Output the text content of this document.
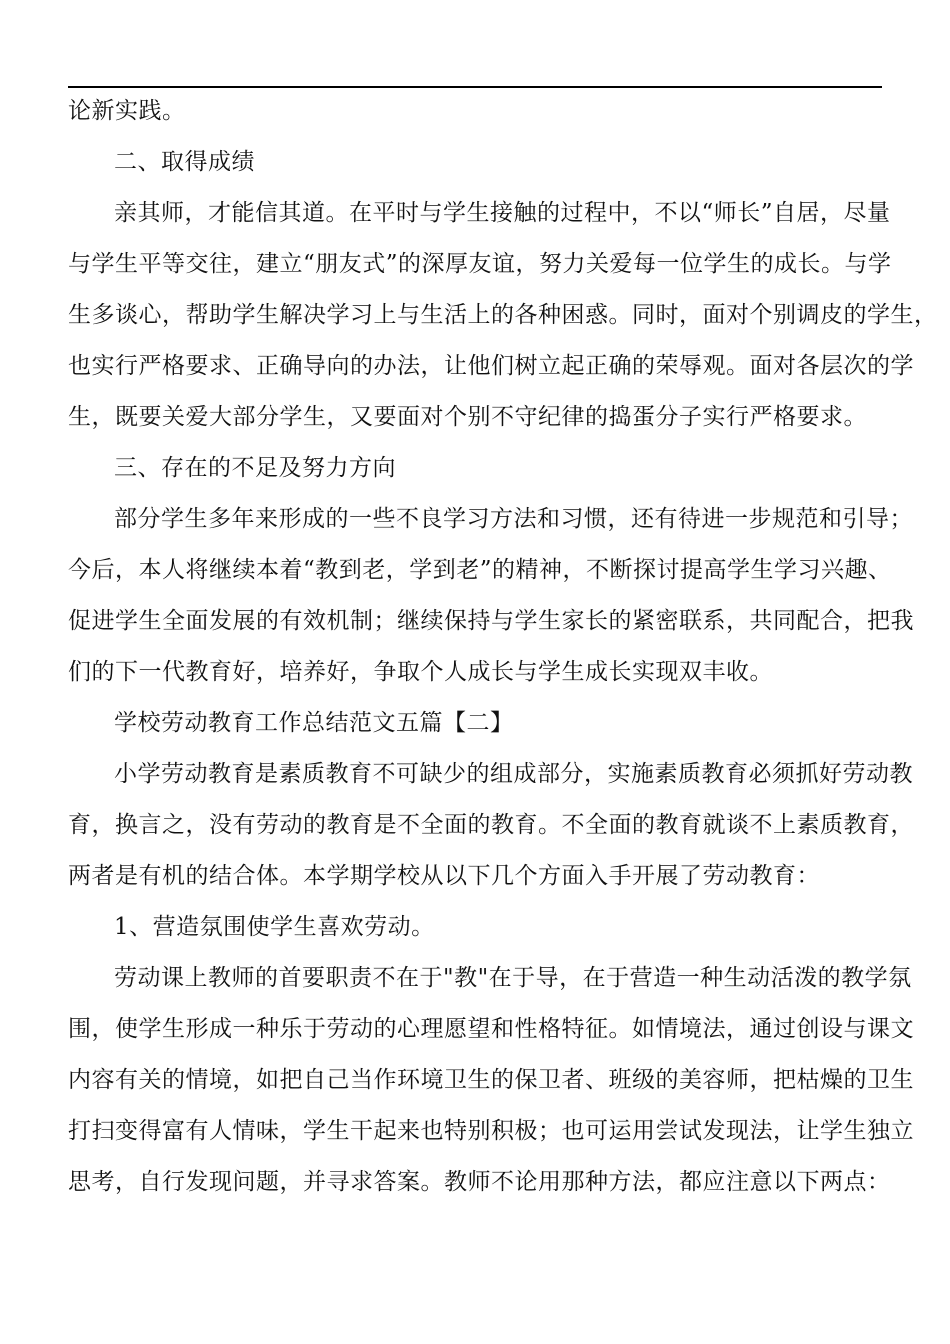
论新实践。
二、取得成绩
亲其师，才能信其道。在平时与学生接触的过程中，不以“师长”自居，尽量
与学生平等交往，建立“朋友式”的深厚友谊，努力关爱每一位学生的成长。与学
生多谈心，帮助学生解决学习上与生活上的各种困惑。同时，面对个别调皮的学生，
也实行严格要求、正确导向的办法，让他们树立起正确的荣辱观。面对各层次的学
生，既要关爱大部分学生，又要面对个别不守纪律的捣蛋分子实行严格要求。
三、存在的不足及努力方向
部分学生多年来形成的一些不良学习方法和习惯，还有待进一步规范和引导；
今后，本人将继续本着“教到老，学到老”的精神，不断探讨提高学生学习兴趣、
促进学生全面发展的有效机制；继续保持与学生家长的紧密联系，共同配合，把我
们的下一代教育好，培养好，争取个人成长与学生成长实现双丰收。
学校劳动教育工作总结范文五篇【二】
小学劳动教育是素质教育不可缺少的组成部分，实施素质教育必须抓好劳动教
育，换言之，没有劳动的教育是不全面的教育。不全面的教育就谈不上素质教育，
两者是有机的结合体。本学期学校从以下几个方面入手开展了劳动教育：
1、营造氛围使学生喜欢劳动。
劳动课上教师的首要职责不在于"教"在于导，在于营造一种生动活泼的教学氛
围，使学生形成一种乐于劳动的心理愿望和性格特征。如情境法，通过创设与课文
内容有关的情境，如把自己当作环境卫生的保卫者、班级的美容师，把枯燥的卫生
打扫变得富有人情味，学生干起来也特别积极；也可运用尝试发现法，让学生独立
思考，自行发现问题，并寻求答案。教师不论用那种方法，都应注意以下两点：
